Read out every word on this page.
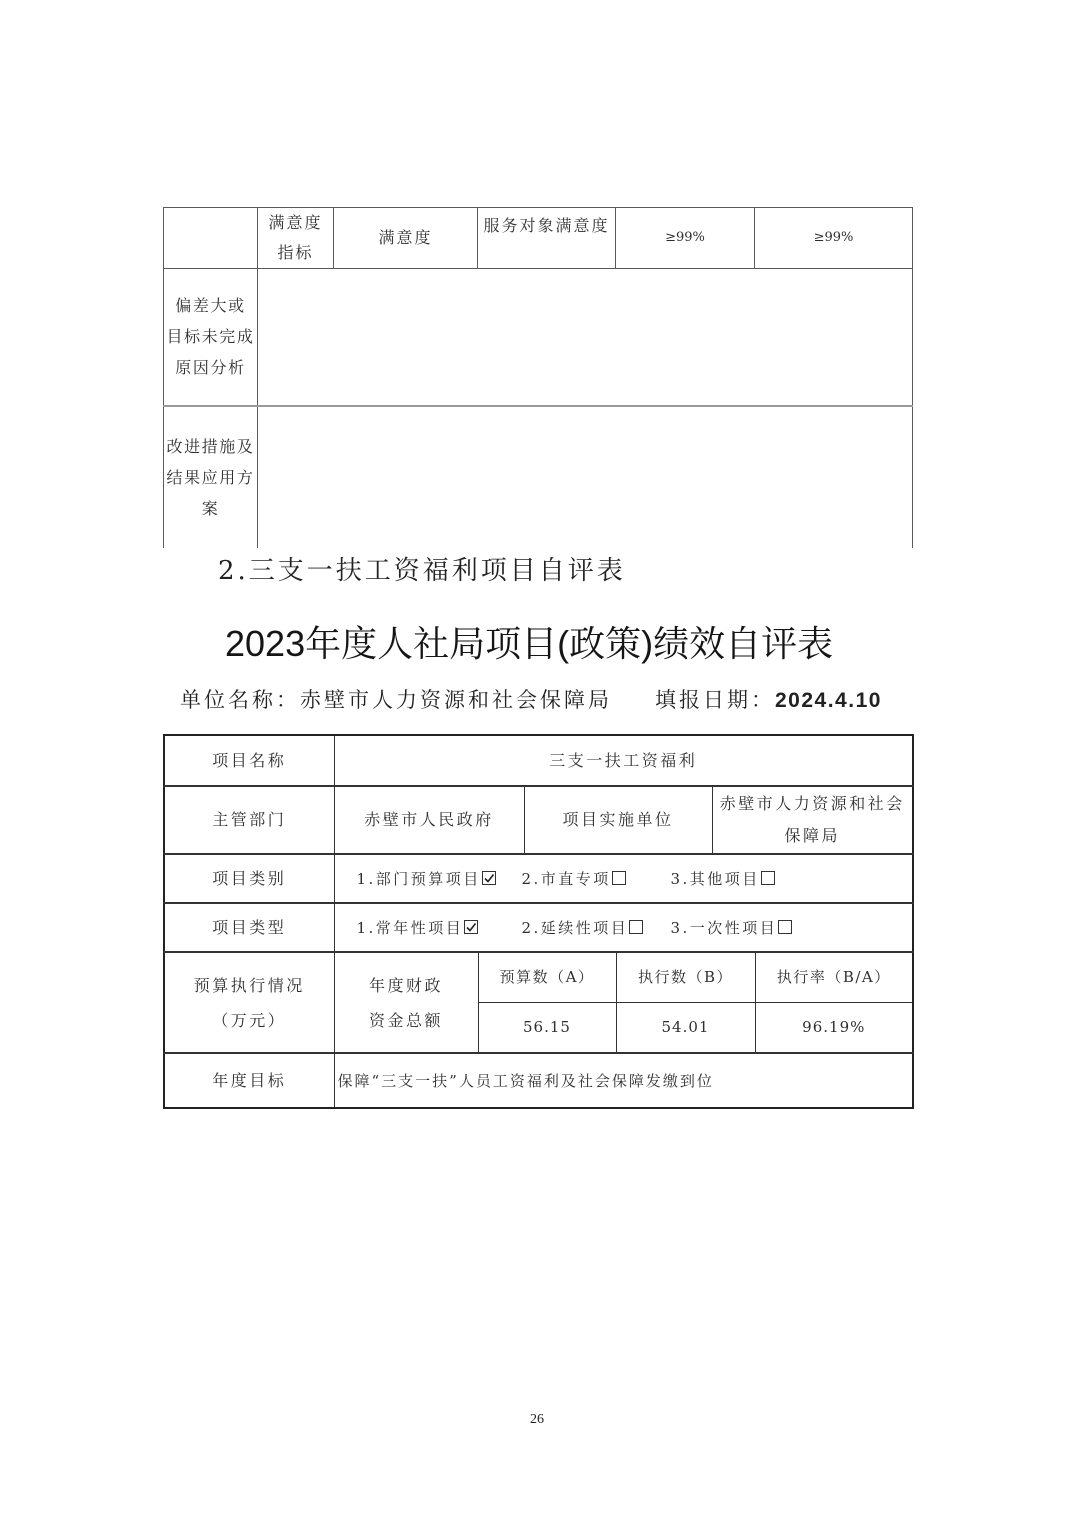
	满意度
指标	满意度	服务对象满意度	≥99%	≥99%
偏差大或
目标未完成
原因分析					
改进措施及
结果应用方
案					
2.三支一扶工资福利项目自评表
2023年度人社局项目(政策)绩效自评表
单位名称：赤壁市人力资源和社会保障局 填报日期：2024.4.10
项目名称	三支一扶工资福利					
主管部门	赤壁市人民政府		项目实施单位		赤壁市人力资源和社会
保障局	
项目类别	1.部门预算项目 2.市直专项 3.其他项目					

项目类型	1.常年性项目 2.延续性项目 3.一次性项目					

预算执行情况
（万元）	年度财政
资金总额	预算数（A）		执行数（B）		执行率（B/A）
		56.15		54.01		96.19%
年度目标	保障“三支一扶”人员工资福利及社会保障发缴到位					
26
